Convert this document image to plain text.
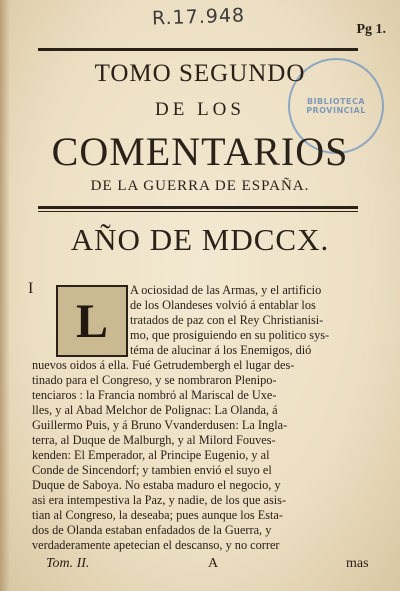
R.17.948	Pg 1.
BIBLIOTECA PROVINCIAL
TOMO SEGUNDO
DE LOS
COMENTARIOS
DE LA GUERRA DE ESPAÑA.
AÑO DE MDCCX.
I
L
A ociosidad de las Armas, y el artificio
de los Olandeses volvió á entablar los
tratados de paz con el Rey Christianisi-
mo, que prosiguiendo en su politico sys-
téma de alucinar á los Enemigos, dió
nuevos oidos á ella. Fué Getrudembergh el lugar des-
tinado para el Congreso, y se nombraron Plenipo-
tenciaros : la Francia nombró al Mariscal de Uxe-
lles, y al Abad Melchor de Polignac: La Olanda, á
Guillermo Puis, y á Bruno Vvanderdusen: La Ingla-
terra, al Duque de Malburgh, y al Milord Fouves-
kenden: El Emperador, al Principe Eugenio, y al
Conde de Sincendorf; y tambien envió el suyo el
Duque de Saboya. No estaba maduro el negocio, y
asi era intempestiva la Paz, y nadie, de los que asis-
tian al Congreso, la deseaba; pues aunque los Esta-
dos de Olanda estaban enfadados de la Guerra, y
verdaderamente apetecian el descanso, y no correr
Tom. II.	A	mas
